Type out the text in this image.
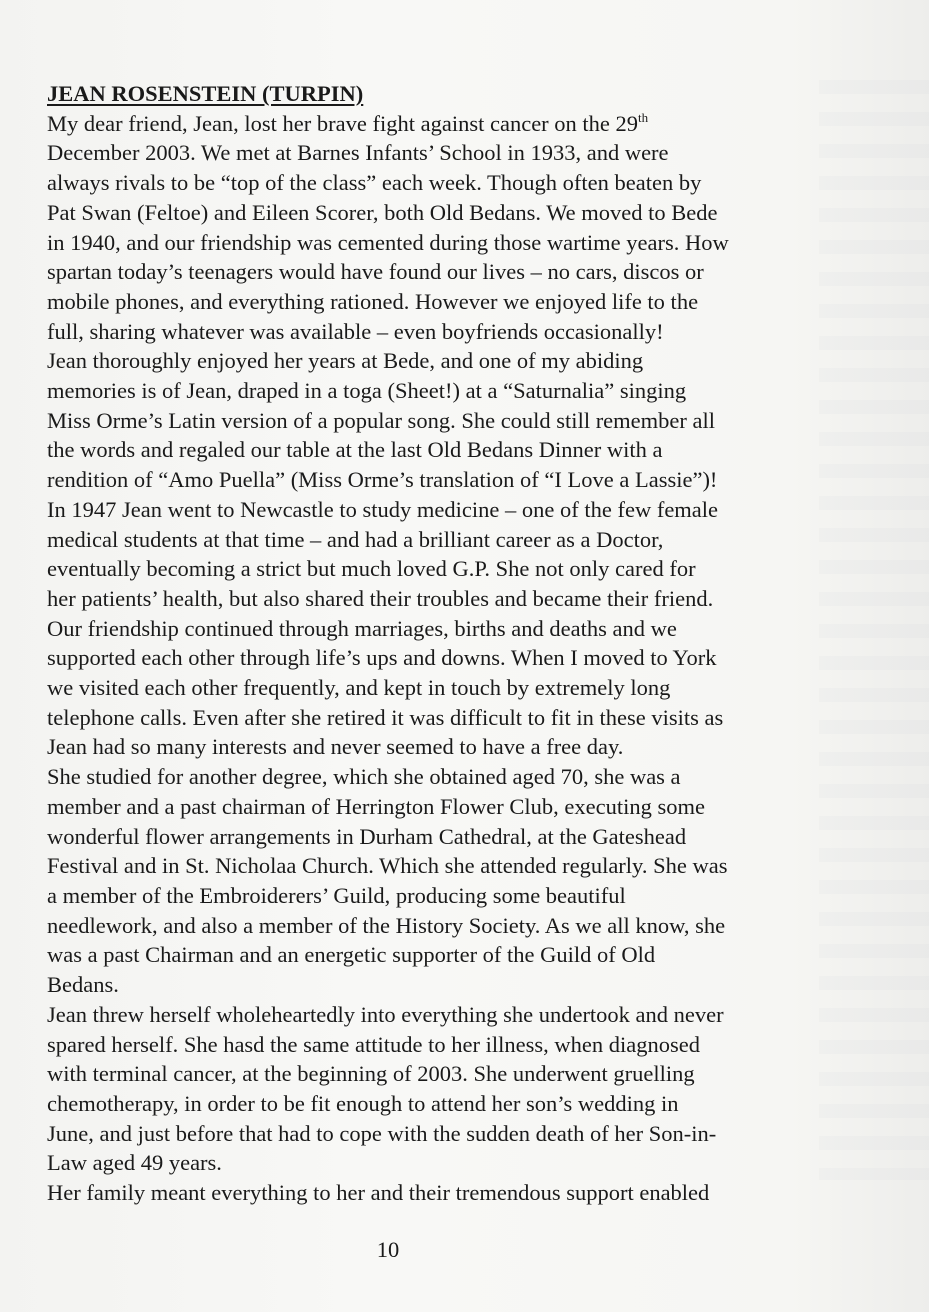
JEAN ROSENSTEIN (TURPIN)
My dear friend, Jean, lost her brave fight against cancer on the 29th
December 2003. We met at Barnes Infants’ School in 1933, and were
always rivals to be “top of the class” each week. Though often beaten by
Pat Swan (Feltoe) and Eileen Scorer, both Old Bedans. We moved to Bede
in 1940, and our friendship was cemented during those wartime years. How
spartan today’s teenagers would have found our lives – no cars, discos or
mobile phones, and everything rationed. However we enjoyed life to the
full, sharing whatever was available – even boyfriends occasionally!
Jean thoroughly enjoyed her years at Bede, and one of my abiding
memories is of Jean, draped in a toga (Sheet!) at a “Saturnalia” singing
Miss Orme’s Latin version of a popular song. She could still remember all
the words and regaled our table at the last Old Bedans Dinner with a
rendition of “Amo Puella” (Miss Orme’s translation of “I Love a Lassie”)!
In 1947 Jean went to Newcastle to study medicine – one of the few female
medical students at that time – and had a brilliant career as a Doctor,
eventually becoming a strict but much loved G.P. She not only cared for
her patients’ health, but also shared their troubles and became their friend.
Our friendship continued through marriages, births and deaths and we
supported each other through life’s ups and downs. When I moved to York
we visited each other frequently, and kept in touch by extremely long
telephone calls. Even after she retired it was difficult to fit in these visits as
Jean had so many interests and never seemed to have a free day.
She studied for another degree, which she obtained aged 70, she was a
member and a past chairman of Herrington Flower Club, executing some
wonderful flower arrangements in Durham Cathedral, at the Gateshead
Festival and in St. Nicholaa Church. Which she attended regularly. She was
a member of the Embroiderers’ Guild, producing some beautiful
needlework, and also a member of the History Society. As we all know, she
was a past Chairman and an energetic supporter of the Guild of Old
Bedans.
Jean threw herself wholeheartedly into everything she undertook and never
spared herself. She hasd the same attitude to her illness, when diagnosed
with terminal cancer, at the beginning of 2003. She underwent gruelling
chemotherapy, in order to be fit enough to attend her son’s wedding in
June, and just before that had to cope with the sudden death of her Son-in-
Law aged 49 years.
Her family meant everything to her and their tremendous support enabled
10
